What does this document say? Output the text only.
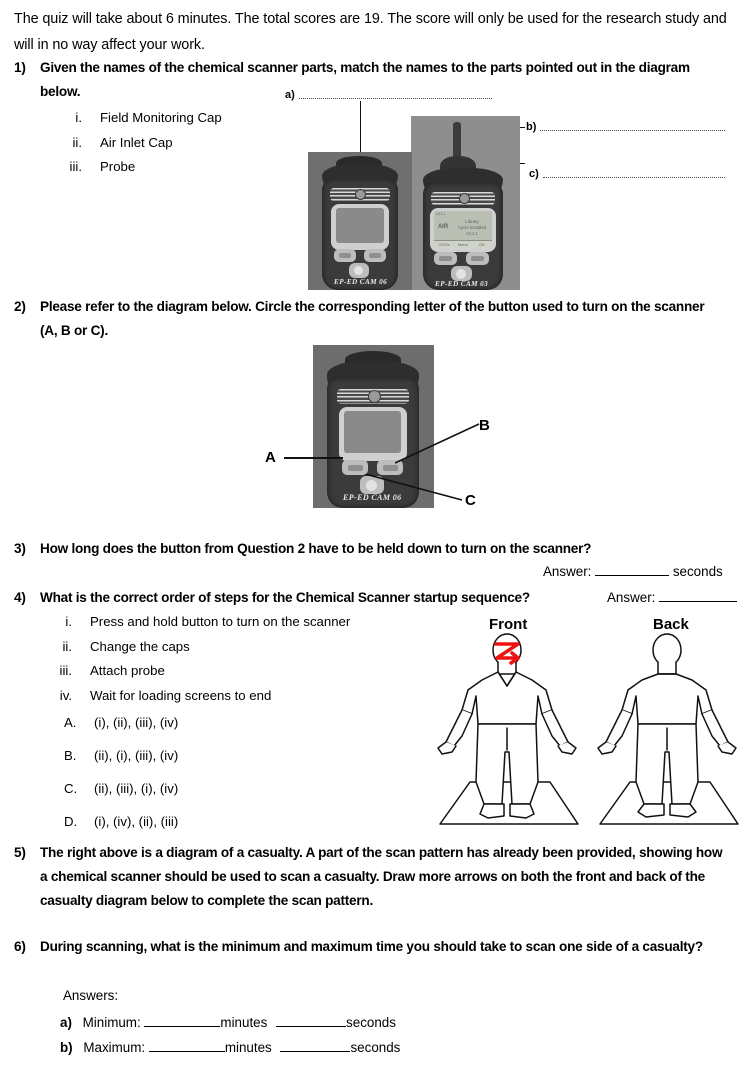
The quiz will take about 6 minutes. The total scores are 19. The score will only be used for the research study and will in no way affect your work.
1)	Given the names of the chemical scanner parts, match the names to the parts pointed out in the diagram below.
i.	Field Monitoring Cap
ii.	Air Inlet Cap
iii.	Probe
a)
b)
c)
EP-ED CAM 06
v3.1.1
AIR
Library
Cycle Enabled
v3.1.1
O2/Dx	Menu	OK
EP-ED CAM 03
2)	Please refer to the diagram below. Circle the corresponding letter of the button used to turn on the scanner (A, B or C).
EP-ED CAM 06
A
B
C
3)	How long does the button from Question 2 have to be held down to turn on the scanner?
Answer:	seconds
4)	What is the correct order of steps for the Chemical Scanner startup sequence?	Answer:
i.	Press and hold button to turn on the scanner
ii.	Change the caps
iii.	Attach probe
iv.	Wait for loading screens to end
A.	(i), (ii), (iii), (iv)
B.	(ii), (i), (iii), (iv)
C.	(ii), (iii), (i), (iv)
D.	(i), (iv), (ii), (iii)
Front	Back
5)	The right above is a diagram of a casualty. A part of the scan pattern has already been provided, showing how a chemical scanner should be used to scan a casualty. Draw more arrows on both the front and back of the casualty diagram below to complete the scan pattern.
6)	During scanning, what is the minimum and maximum time you should take to scan one side of a casualty?
Answers:
a) Minimum:	minutes	seconds
b) Maximum:	minutes	seconds
